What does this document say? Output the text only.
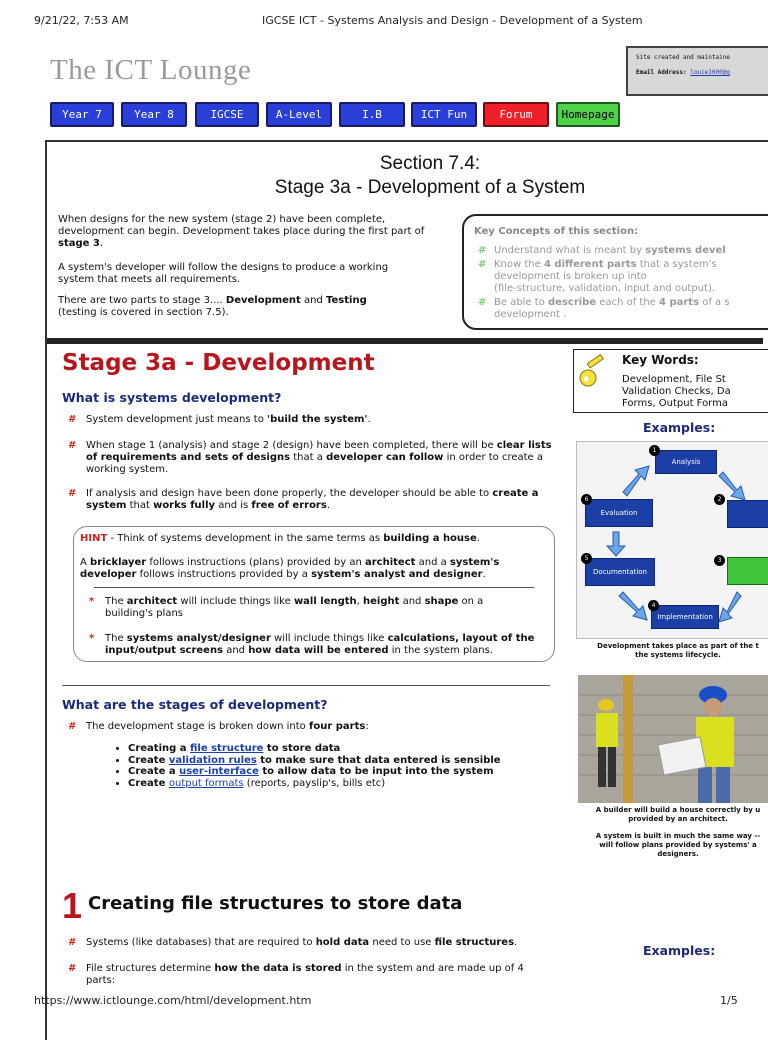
9/21/22, 7:53 AM	IGCSE ICT - Systems Analysis and Design - Development of a System
The ICT Lounge	Site created and maintaine
Email Address: louie1000@g
Year 7	Year 8	IGCSE	A-Level	I.B	ICT Fun	Forum	Homepage
Section 7.4:
Stage 3a - Development of a System
When designs for the new system (stage 2) have been complete, development can begin. Development takes place during the first part of stage 3.
A system's developer will follow the designs to produce a working system that meets all requirements.
There are two parts to stage 3.... Development and Testing
(testing is covered in section 7.5).
Key Concepts of this section:
# Understand what is meant by systems devel
# Know the 4 different parts that a system's
development is broken up into
(file-structure, validation, input and output).
# Be able to describe each of the 4 parts of a s
development .
Stage 3a - Development
What is systems development?
# System development just means to 'build the system'.
# When stage 1 (analysis) and stage 2 (design) have been completed, there will be clear lists of requirements and sets of designs that a developer can follow in order to create a working system.
# If analysis and design have been done properly, the developer should be able to create a system that works fully and is free of errors.
HINT - Think of systems development in the same terms as building a house.
A bricklayer follows instructions (plans) provided by an architect and a system's developer follows instructions provided by a system's analyst and designer.
* The architect will include things like wall length, height and shape on a building's plans
* The systems analyst/designer will include things like calculations, layout of the input/output screens and how data will be entered in the system plans.
What are the stages of development?
# The development stage is broken down into four parts:
• Creating a file structure to store data
• Create validation rules to make sure that data entered is sensible
• Create a user-interface to allow data to be input into the system
• Create output formats (reports, payslip's, bills etc)
Key Words:
Development, File St
Validation Checks, Da
Forms, Output Forma
Examples:
Analysis
1
2
3
Implementation
4
Documentation
5
Evaluation
6
Development takes place as part of the t
the systems lifecycle.
A builder will build a house correctly by u
provided by an architect.
A system is built in much the same way --
will follow plans provided by systems' a
designers.
1 Creating file structures to store data
# Systems (like databases) that are required to hold data need to use file structures.
# File structures determine how the data is stored in the system and are made up of 4 parts:
Examples:
https://www.ictlounge.com/html/development.htm	1/5
